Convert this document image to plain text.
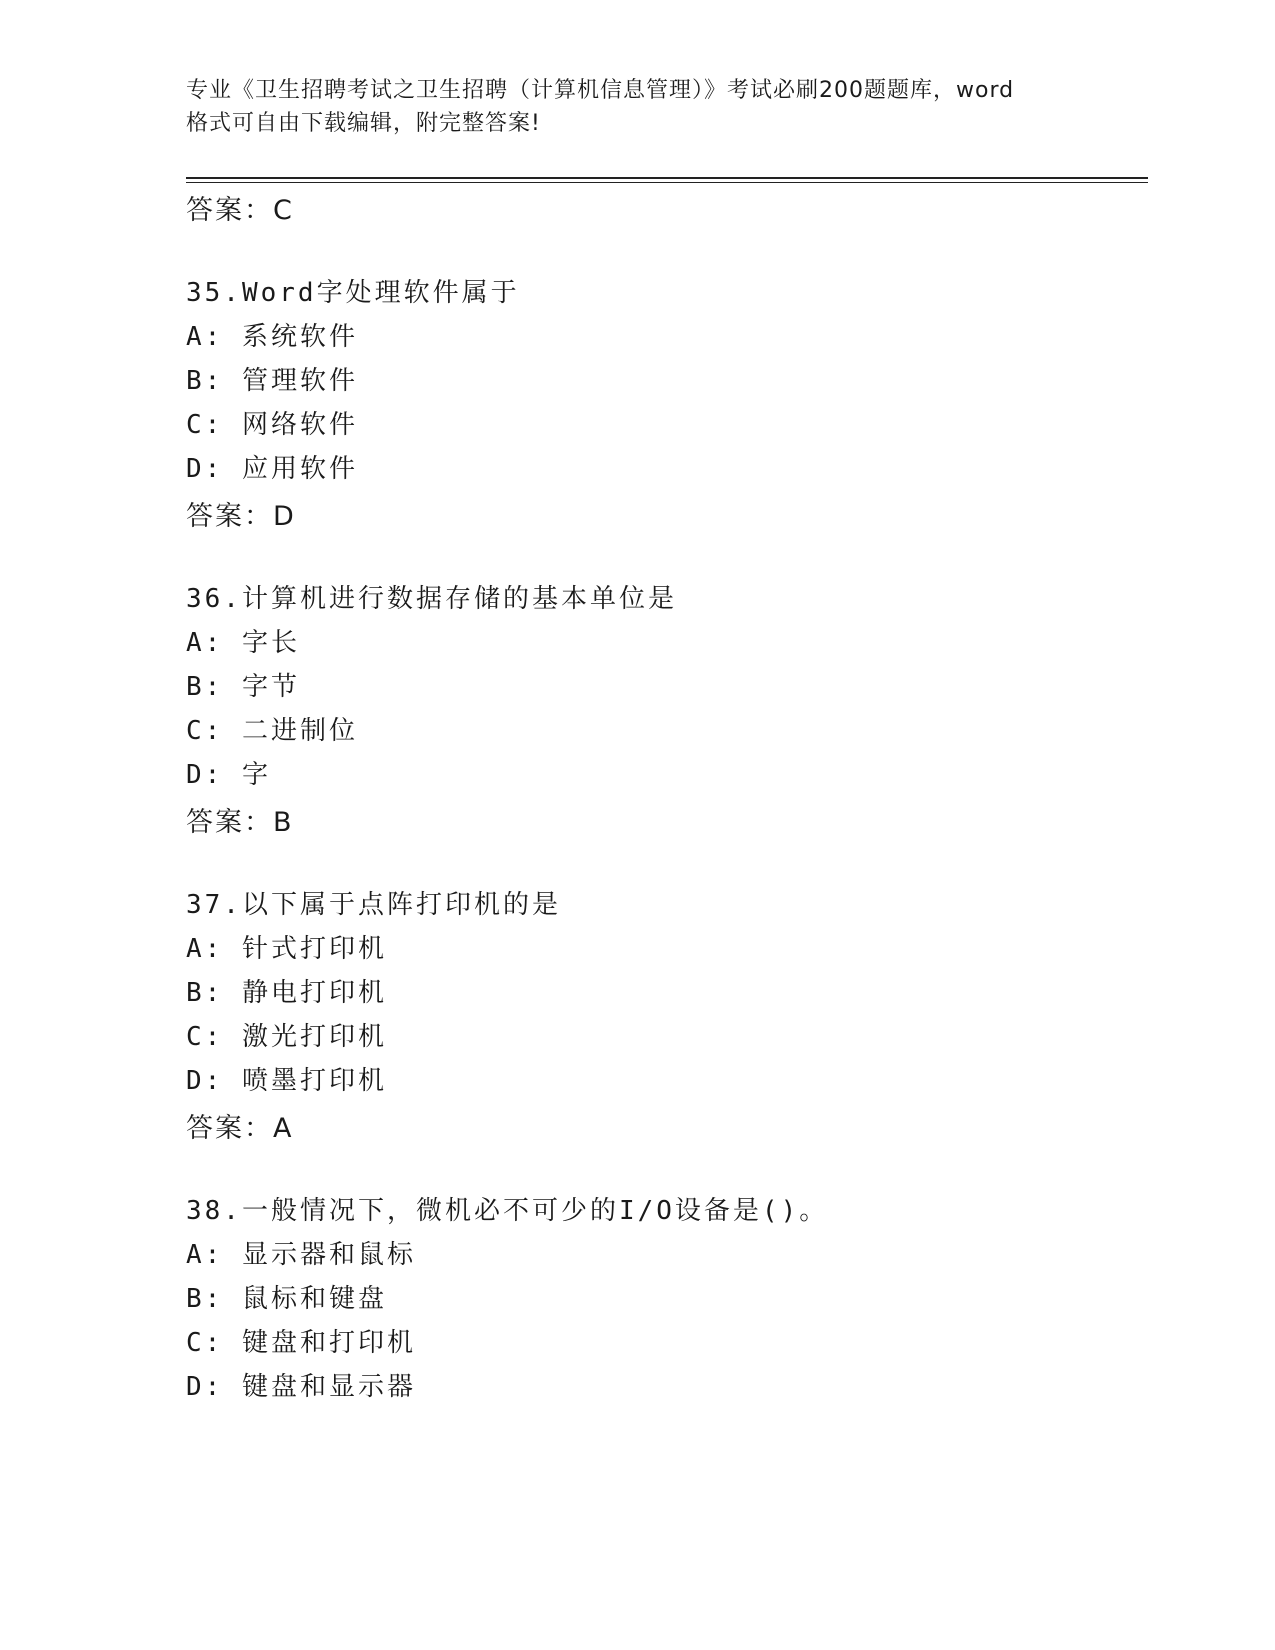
专业《卫生招聘考试之卫生招聘（计算机信息管理）》考试必刷200题题库，word
格式可自由下载编辑，附完整答案!
答案：C
35.Word字处理软件属于
A: 系统软件
B: 管理软件
C: 网络软件
D: 应用软件
答案：D
36.计算机进行数据存储的基本单位是
A: 字长
B: 字节
C: 二进制位
D: 字
答案：B
37.以下属于点阵打印机的是
A: 针式打印机
B: 静电打印机
C: 激光打印机
D: 喷墨打印机
答案：A
38.一般情况下，微机必不可少的I/O设备是()。
A: 显示器和鼠标
B: 鼠标和键盘
C: 键盘和打印机
D: 键盘和显示器
